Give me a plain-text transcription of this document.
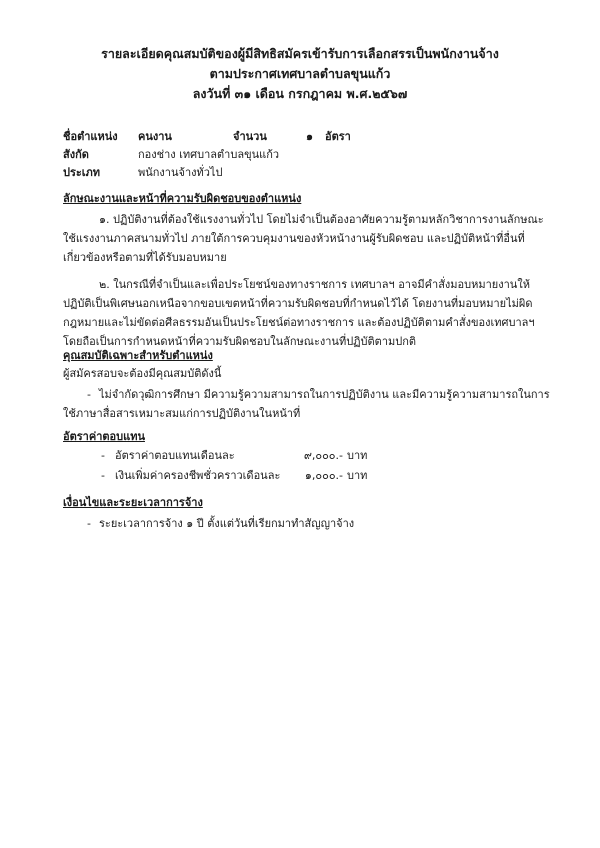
รายละเอียดคุณสมบัติของผู้มีสิทธิสมัครเข้ารับการเลือกสรรเป็นพนักงานจ้าง
ตามประกาศเทศบาลตำบลขุนแก้ว
ลงวันที่ ๓๑ เดือน กรกฎาคม พ.ศ.๒๕๖๗
ชื่อตำแหน่ง คนงาน	จำนวน	๑ อัตรา
สังกัด	กองช่าง เทศบาลตำบลขุนแก้ว
ประเภท	พนักงานจ้างทั่วไป
ลักษณะงานและหน้าที่ความรับผิดชอบของตำแหน่ง

๑. ปฏิบัติงานที่ต้องใช้แรงงานทั่วไป โดยไม่จำเป็นต้องอาศัยความรู้ตามหลักวิชาการงานลักษณะใช้แรงงานภาคสนามทั่วไป ภายใต้การควบคุมงานของหัวหน้างานผู้รับผิดชอบ และปฏิบัติหน้าที่อื่นที่เกี่ยวข้องหรือตามที่ได้รับมอบหมาย

๒. ในกรณีที่จำเป็นและเพื่อประโยชน์ของทางราชการ เทศบาลฯ อาจมีคำสั่งมอบหมายงานให้ปฏิบัติเป็นพิเศษนอกเหนือจากขอบเขตหน้าที่ความรับผิดชอบที่กำหนดไว้ได้ โดยงานที่มอบหมายไม่ผิดกฎหมายและไม่ขัดต่อศีลธรรมอันเป็นประโยชน์ต่อทางราชการ และต้องปฏิบัติตามคำสั่งของเทศบาลฯ โดยถือเป็นการกำหนดหน้าที่ความรับผิดชอบในลักษณะงานที่ปฏิบัติตามปกติ

คุณสมบัติเฉพาะสำหรับตำแหน่ง
ผู้สมัครสอบจะต้องมีคุณสมบัติดังนี้
- ไม่จำกัดวุฒิการศึกษา มีความรู้ความสามารถในการปฏิบัติงาน และมีความรู้ความสามารถในการใช้ภาษาสื่อสารเหมาะสมแก่การปฏิบัติงานในหน้าที่
อัตราค่าตอบแทน
- อัตราค่าตอบแทนเดือนละ	๙,๐๐๐.- บาท
- เงินเพิ่มค่าครองชีพชั่วคราวเดือนละ	๑,๐๐๐.- บาท
เงื่อนไขและระยะเวลาการจ้าง
- ระยะเวลาการจ้าง ๑ ปี ตั้งแต่วันที่เรียกมาทำสัญญาจ้าง
